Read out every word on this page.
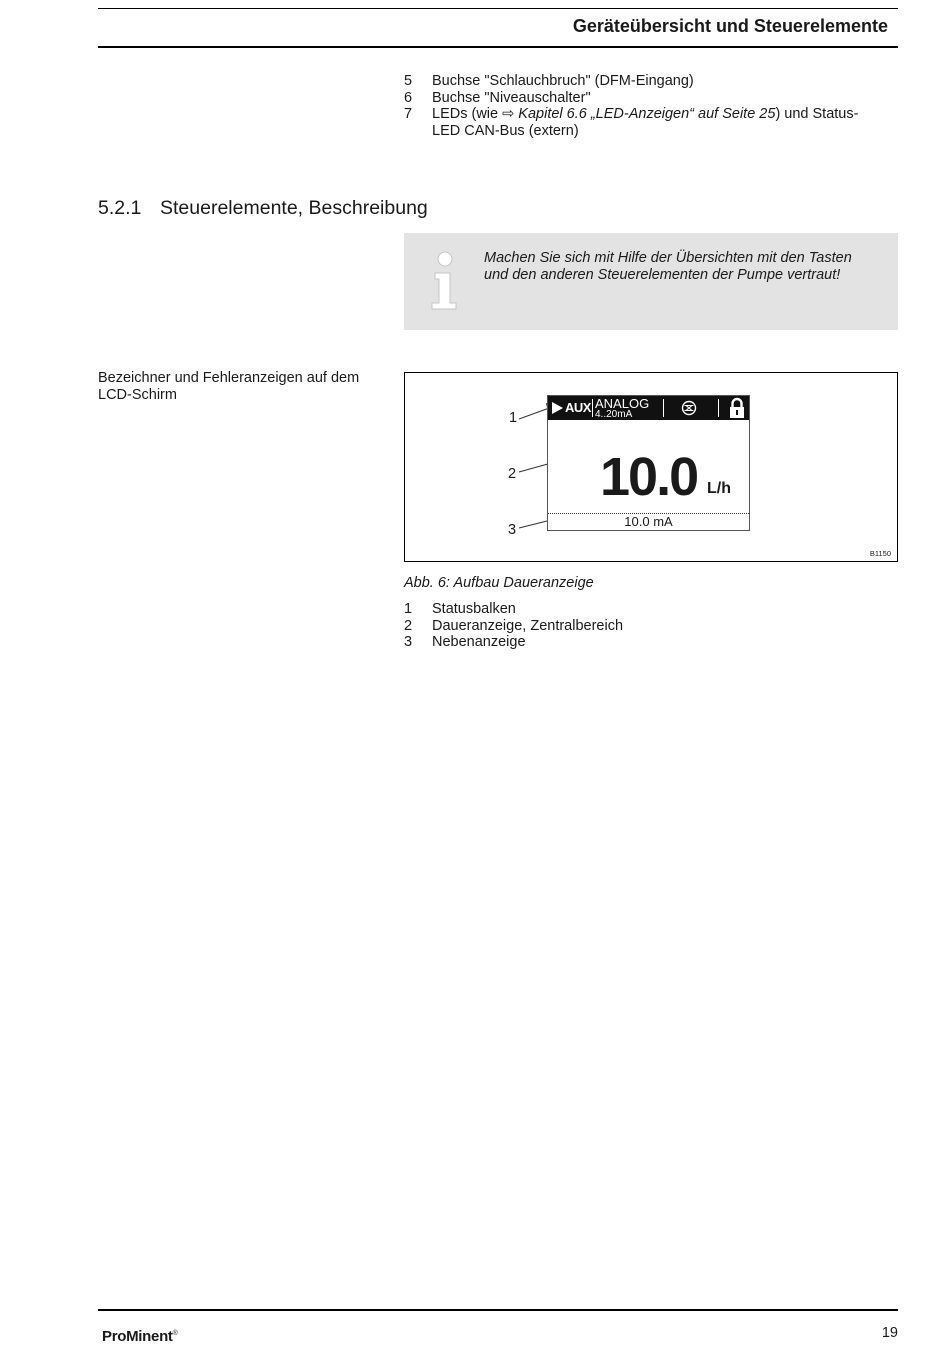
Geräteübersicht und Steuerelemente
5	Buchse "Schlauchbruch" (DFM-Eingang)
6	Buchse "Niveauschalter"
7	LEDs (wie ⇨ Kapitel 6.6 „LED-Anzeigen“ auf Seite 25) und Status-LED CAN-Bus (extern)
5.2.1 Steuerelemente, Beschreibung
Machen Sie sich mit Hilfe der Übersichten mit den Tasten und den anderen Steuerelementen der Pumpe vertraut!
Bezeichner und Fehleranzeigen auf dem LCD-Schirm
1
2
3
AUX ANALOG
4..20mA
10.0 L/h
10.0 mA
B1150
Abb. 6: Aufbau Daueranzeige
1	Statusbalken
2	Daueranzeige, Zentralbereich
3	Nebenanzeige
ProMinent®	19
